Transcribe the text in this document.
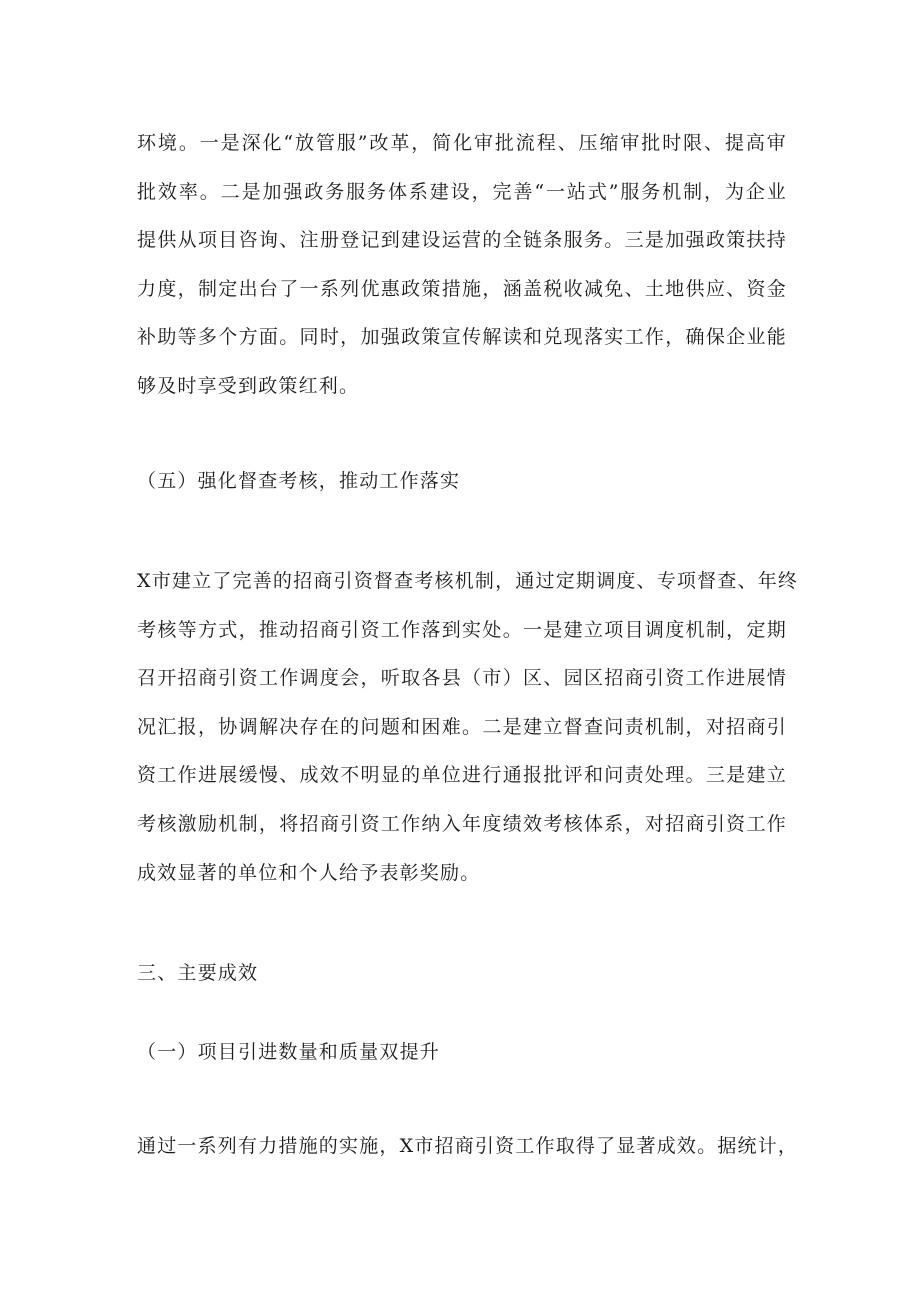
环境。一是深化“放管服”改革，简化审批流程、压缩审批时限、提高审
批效率。二是加强政务服务体系建设，完善“一站式”服务机制，为企业
提供从项目咨询、注册登记到建设运营的全链条服务。三是加强政策扶持
力度，制定出台了一系列优惠政策措施，涵盖税收减免、土地供应、资金
补助等多个方面。同时，加强政策宣传解读和兑现落实工作，确保企业能
够及时享受到政策红利。
（五）强化督查考核，推动工作落实
X市建立了完善的招商引资督查考核机制，通过定期调度、专项督查、年终
考核等方式，推动招商引资工作落到实处。一是建立项目调度机制，定期
召开招商引资工作调度会，听取各县（市）区、园区招商引资工作进展情
况汇报，协调解决存在的问题和困难。二是建立督查问责机制，对招商引
资工作进展缓慢、成效不明显的单位进行通报批评和问责处理。三是建立
考核激励机制，将招商引资工作纳入年度绩效考核体系，对招商引资工作
成效显著的单位和个人给予表彰奖励。
三、主要成效
（一）项目引进数量和质量双提升
通过一系列有力措施的实施，X市招商引资工作取得了显著成效。据统计，
